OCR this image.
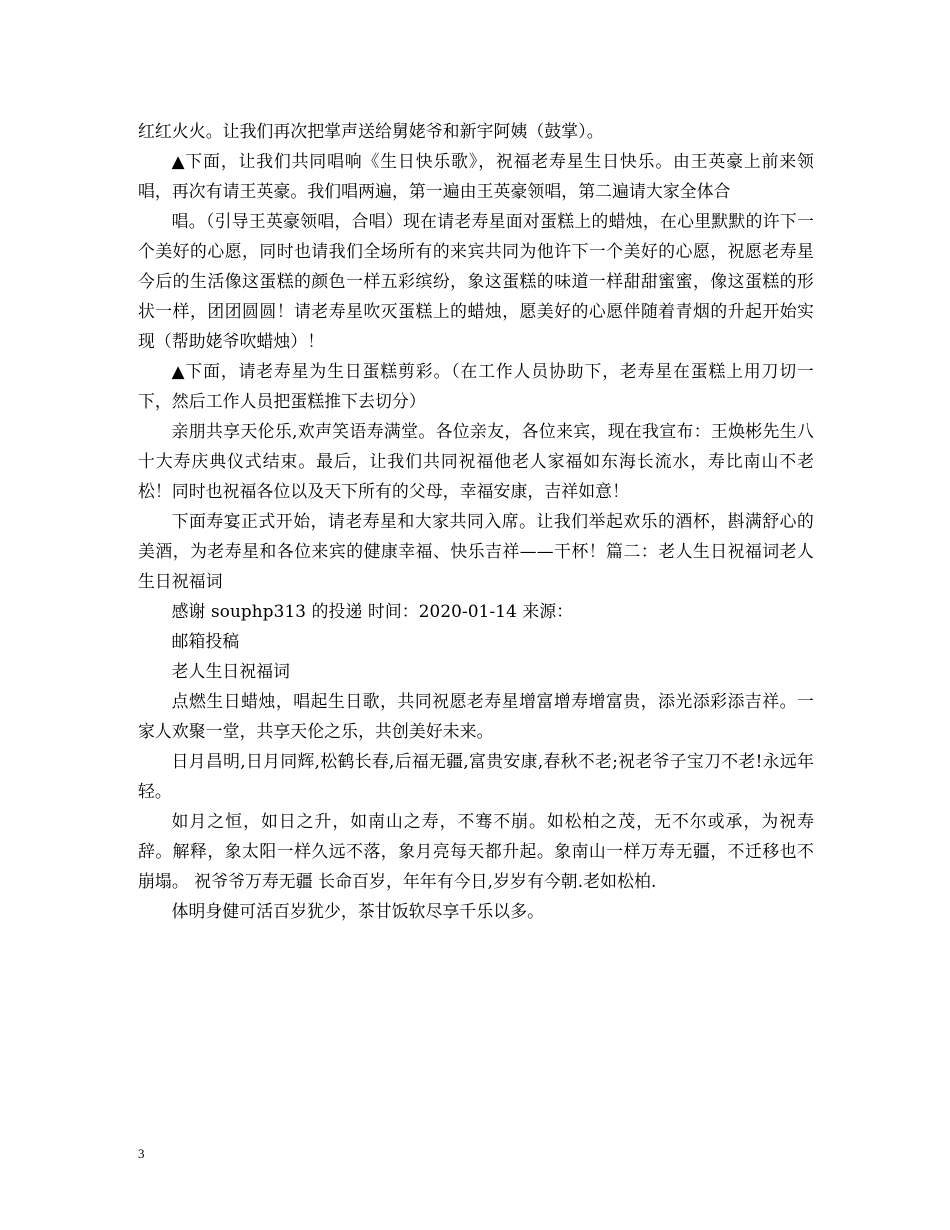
红红火火。让我们再次把掌声送给舅姥爷和新宇阿姨（鼓掌）。

▲下面，让我们共同唱响《生日快乐歌》，祝福老寿星生日快乐。由王英豪上前来领唱，再次有请王英豪。我们唱两遍，第一遍由王英豪领唱，第二遍请大家全体合

唱。（引导王英豪领唱，合唱）现在请老寿星面对蛋糕上的蜡烛，在心里默默的许下一个美好的心愿，同时也请我们全场所有的来宾共同为他许下一个美好的心愿，祝愿老寿星今后的生活像这蛋糕的颜色一样五彩缤纷，象这蛋糕的味道一样甜甜蜜蜜，像这蛋糕的形状一样，团团圆圆！请老寿星吹灭蛋糕上的蜡烛，愿美好的心愿伴随着青烟的升起开始实现（帮助姥爷吹蜡烛）！

▲下面，请老寿星为生日蛋糕剪彩。（在工作人员协助下，老寿星在蛋糕上用刀切一下，然后工作人员把蛋糕推下去切分）

亲朋共享天伦乐,欢声笑语寿满堂。各位亲友，各位来宾，现在我宣布：王焕彬先生八十大寿庆典仪式结束。最后，让我们共同祝福他老人家福如东海长流水，寿比南山不老松！同时也祝福各位以及天下所有的父母，幸福安康，吉祥如意！

下面寿宴正式开始，请老寿星和大家共同入席。让我们举起欢乐的酒杯，斟满舒心的美酒，为老寿星和各位来宾的健康幸福、快乐吉祥——干杯！篇二：老人生日祝福词老人生日祝福词

感谢 souphp313 的投递 时间：2020-01-14 来源：

邮箱投稿

老人生日祝福词

点燃生日蜡烛，唱起生日歌，共同祝愿老寿星增富增寿增富贵，添光添彩添吉祥。一家人欢聚一堂，共享天伦之乐，共创美好未来。

日月昌明,日月同辉,松鹤长春,后福无疆,富贵安康,春秋不老;祝老爷子宝刀不老!永远年轻。

如月之恒，如日之升，如南山之寿，不骞不崩。如松柏之茂，无不尔或承，为祝寿辞。解释，象太阳一样久远不落，象月亮每天都升起。象南山一样万寿无疆，不迁移也不崩塌。 祝爷爷万寿无疆 长命百岁，年年有今日,岁岁有今朝.老如松柏.

体明身健可活百岁犹少，茶甘饭软尽享千乐以多。

3
